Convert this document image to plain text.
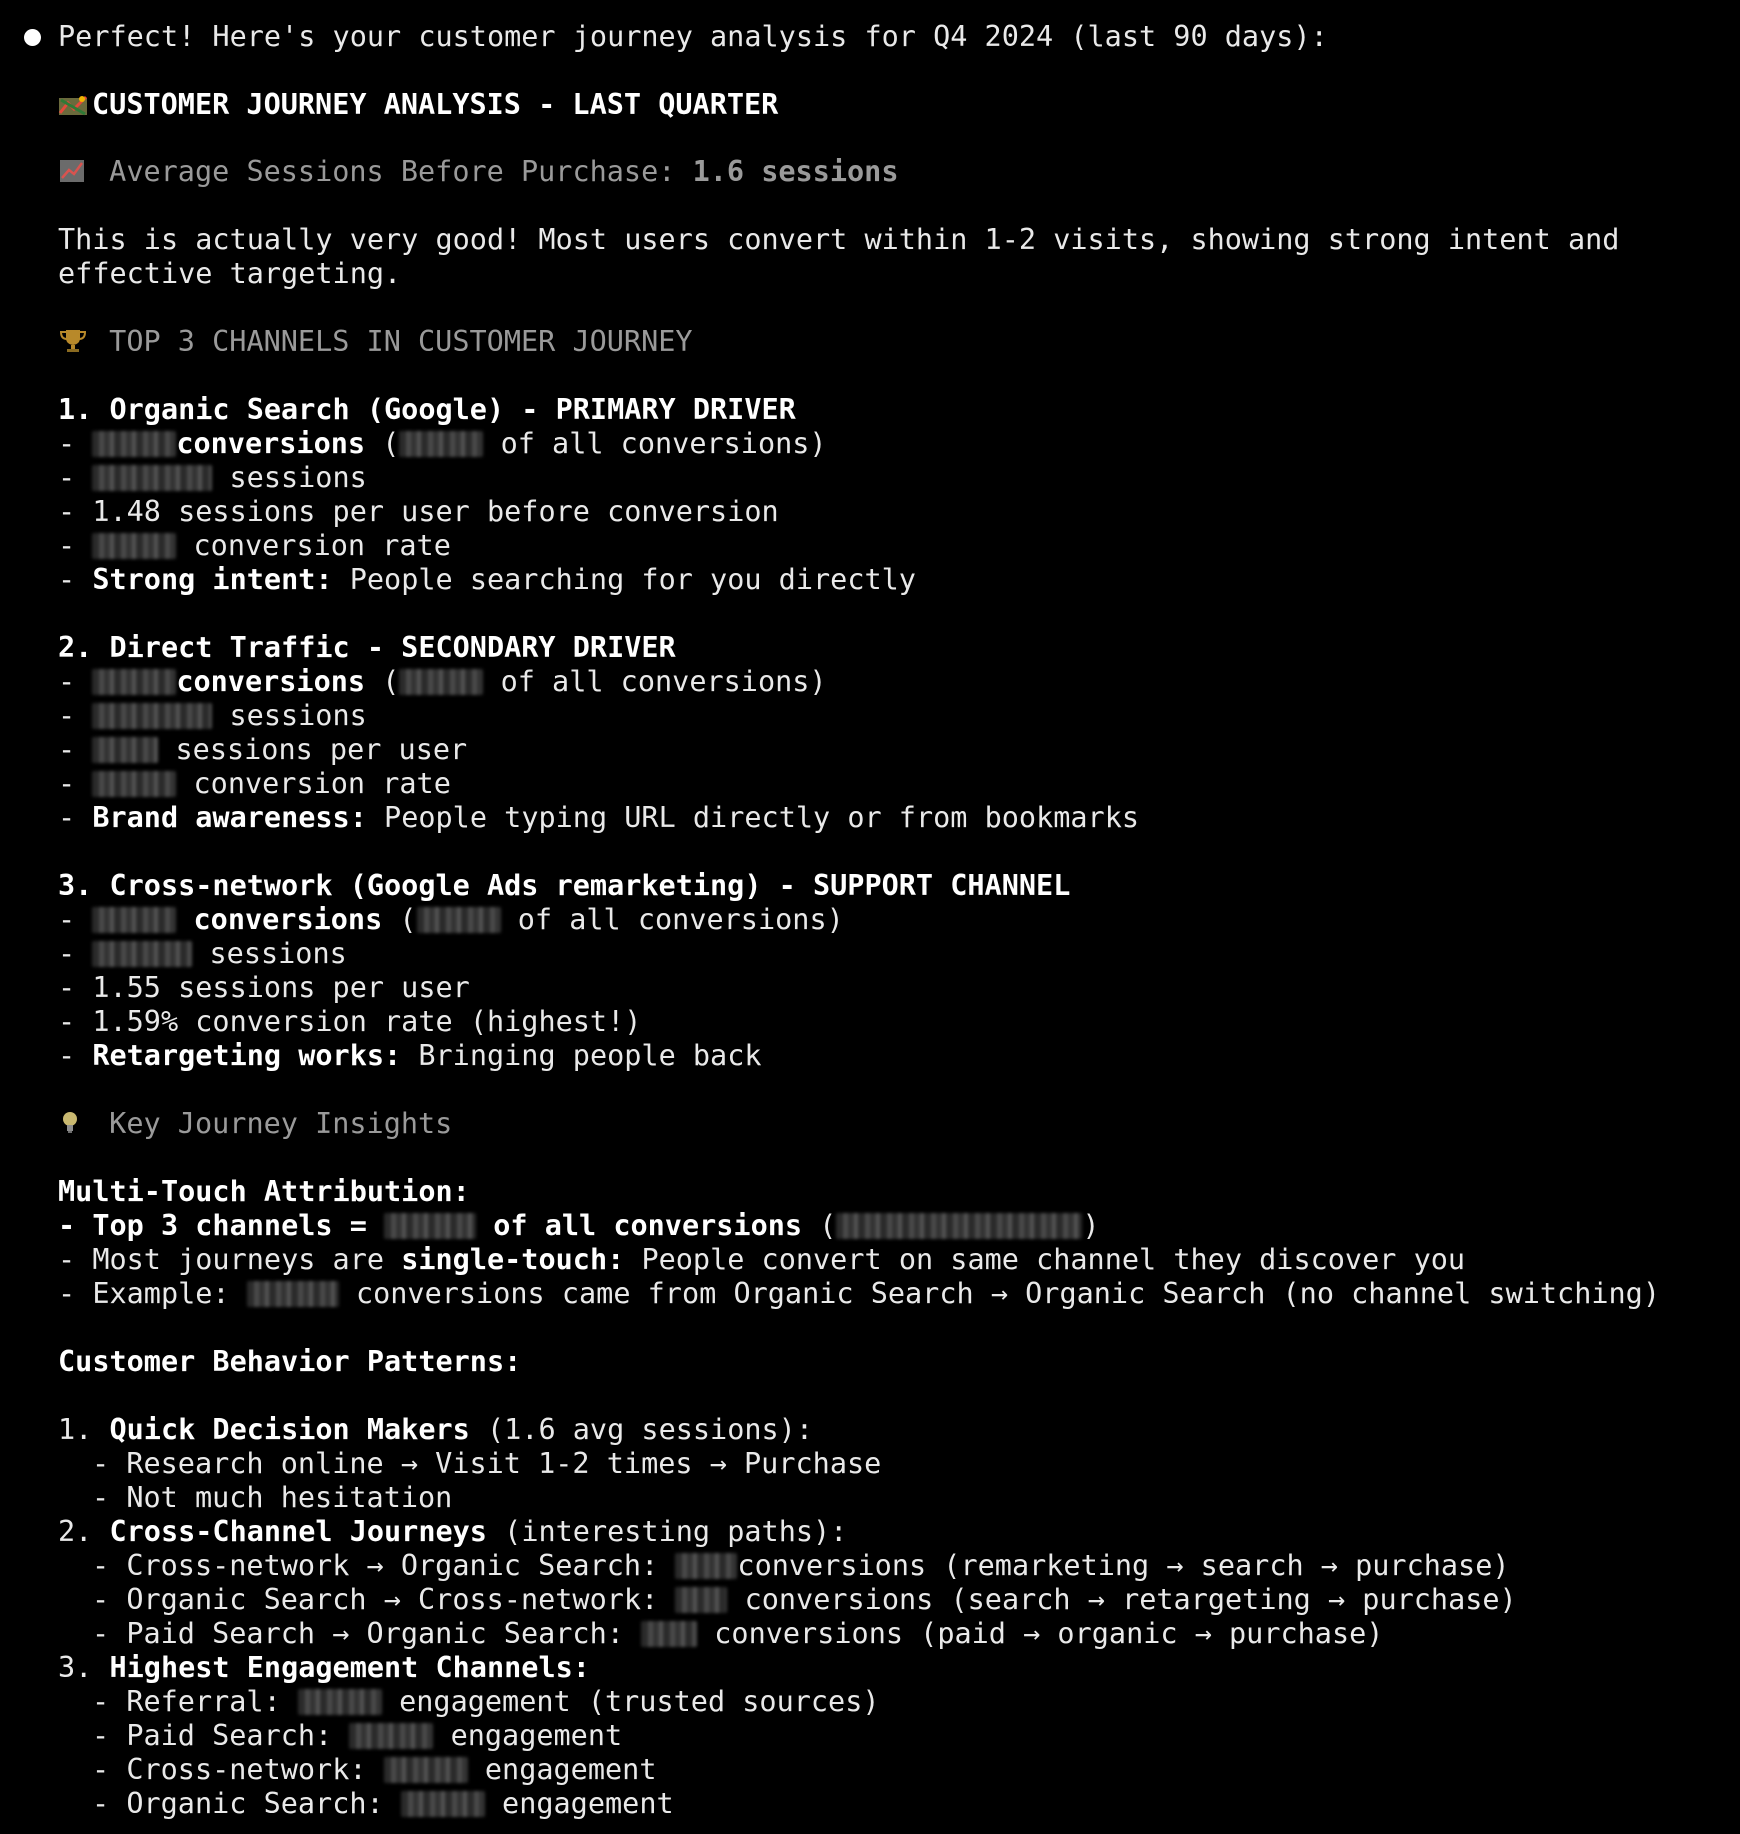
Perfect! Here's your customer journey analysis for Q4 2024 (last 90 days):
CUSTOMER JOURNEY ANALYSIS - LAST QUARTER
Average Sessions Before Purchase: 1.6 sessions
This is actually very good! Most users convert within 1-2 visits, showing strong intent and
effective targeting.
TOP 3 CHANNELS IN CUSTOMER JOURNEY
1. Organic Search (Google) - PRIMARY DRIVER
-	conversions (	of all conversions)
-	sessions
- 1.48 sessions per user before conversion
-	conversion rate
- Strong intent: People searching for you directly
2. Direct Traffic - SECONDARY DRIVER
-	conversions (	of all conversions)
-	sessions
-	sessions per user
-	conversion rate
- Brand awareness: People typing URL directly or from bookmarks
3. Cross-network (Google Ads remarketing) - SUPPORT CHANNEL
-	conversions (	of all conversions)
-	sessions
- 1.55 sessions per user
- 1.59% conversion rate (highest!)
- Retargeting works: Bringing people back
Key Journey Insights
Multi-Touch Attribution:
- Top 3 channels =	of all conversions (	)
- Most journeys are single-touch: People convert on same channel they discover you
- Example:	conversions came from Organic Search → Organic Search (no channel switching)
Customer Behavior Patterns:
1. Quick Decision Makers (1.6 avg sessions):
- Research online → Visit 1-2 times → Purchase
- Not much hesitation
2. Cross-Channel Journeys (interesting paths):
- Cross-network → Organic Search:	conversions (remarketing → search → purchase)
- Organic Search → Cross-network:	conversions (search → retargeting → purchase)
- Paid Search → Organic Search:	conversions (paid → organic → purchase)
3. Highest Engagement Channels:
- Referral:	engagement (trusted sources)
- Paid Search:	engagement
- Cross-network:	engagement
- Organic Search:	engagement
